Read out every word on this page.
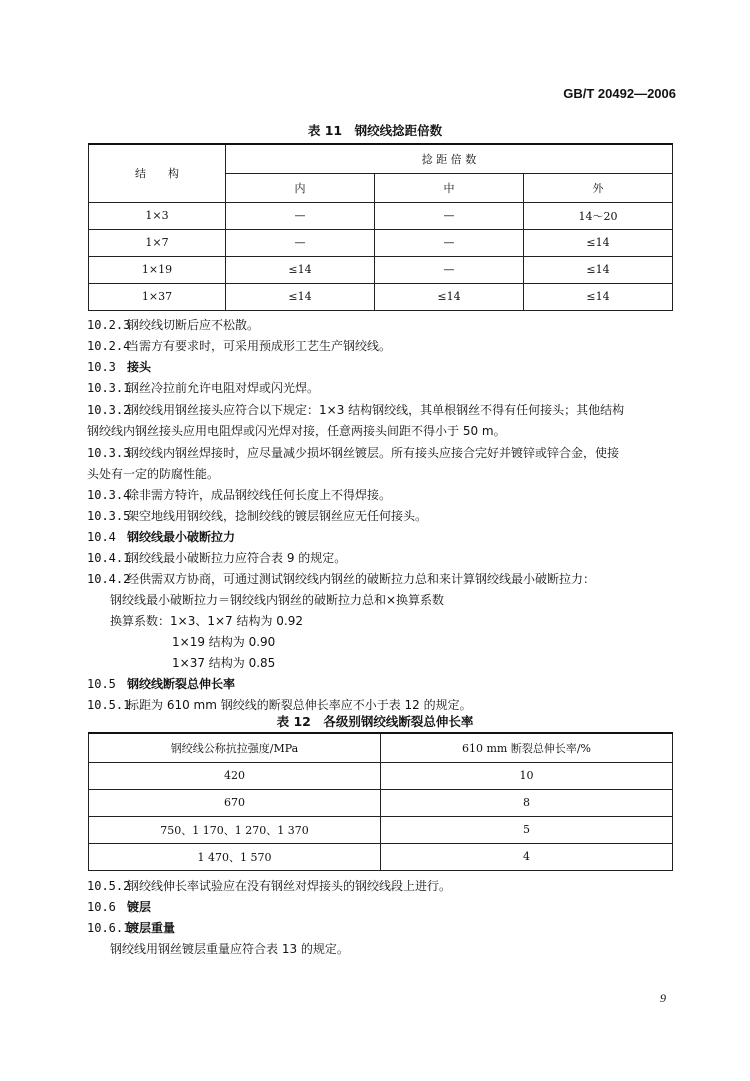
GB/T 20492—2006
表 11　钢绞线捻距倍数
结　　构	捻 距 倍 数		
	内	中	外
1×3	—	—	14～20
1×7	—	—	≤14
1×19	≤14	—	≤14
1×37	≤14	≤14	≤14
10.2.3钢绞线切断后应不松散。
10.2.4当需方有要求时，可采用预成形工艺生产钢绞线。
10.3 接头
10.3.1钢丝冷拉前允许电阻对焊或闪光焊。
10.3.2钢绞线用钢丝接头应符合以下规定：1×3 结构钢绞线，其单根钢丝不得有任何接头；其他结构
钢绞线内钢丝接头应用电阻焊或闪光焊对接，任意两接头间距不得小于 50 m。
10.3.3钢绞线内钢丝焊接时，应尽量减少损坏钢丝镀层。所有接头应接合完好并镀锌或锌合金，使接
头处有一定的防腐性能。
10.3.4除非需方特许，成品钢绞线任何长度上不得焊接。
10.3.5架空地线用钢绞线，捻制绞线的镀层钢丝应无任何接头。
10.4 钢绞线最小破断拉力
10.4.1钢绞线最小破断拉力应符合表 9 的规定。
10.4.2经供需双方协商，可通过测试钢绞线内钢丝的破断拉力总和来计算钢绞线最小破断拉力：
钢绞线最小破断拉力＝钢绞线内钢丝的破断拉力总和×换算系数
换算系数：1×3、1×7 结构为 0.92
1×19 结构为 0.90
1×37 结构为 0.85
10.5 钢绞线断裂总伸长率
10.5.1标距为 610 mm 钢绞线的断裂总伸长率应不小于表 12 的规定。
表 12　各级别钢绞线断裂总伸长率
钢绞线公称抗拉强度/MPa	610 mm 断裂总伸长率/%
420	10
670	8
750、1 170、1 270、1 370	5
1 470、1 570	4
10.5.2钢绞线伸长率试验应在没有钢丝对焊接头的钢绞线段上进行。
10.6 镀层
10.6.1镀层重量
钢绞线用钢丝镀层重量应符合表 13 的规定。
9
